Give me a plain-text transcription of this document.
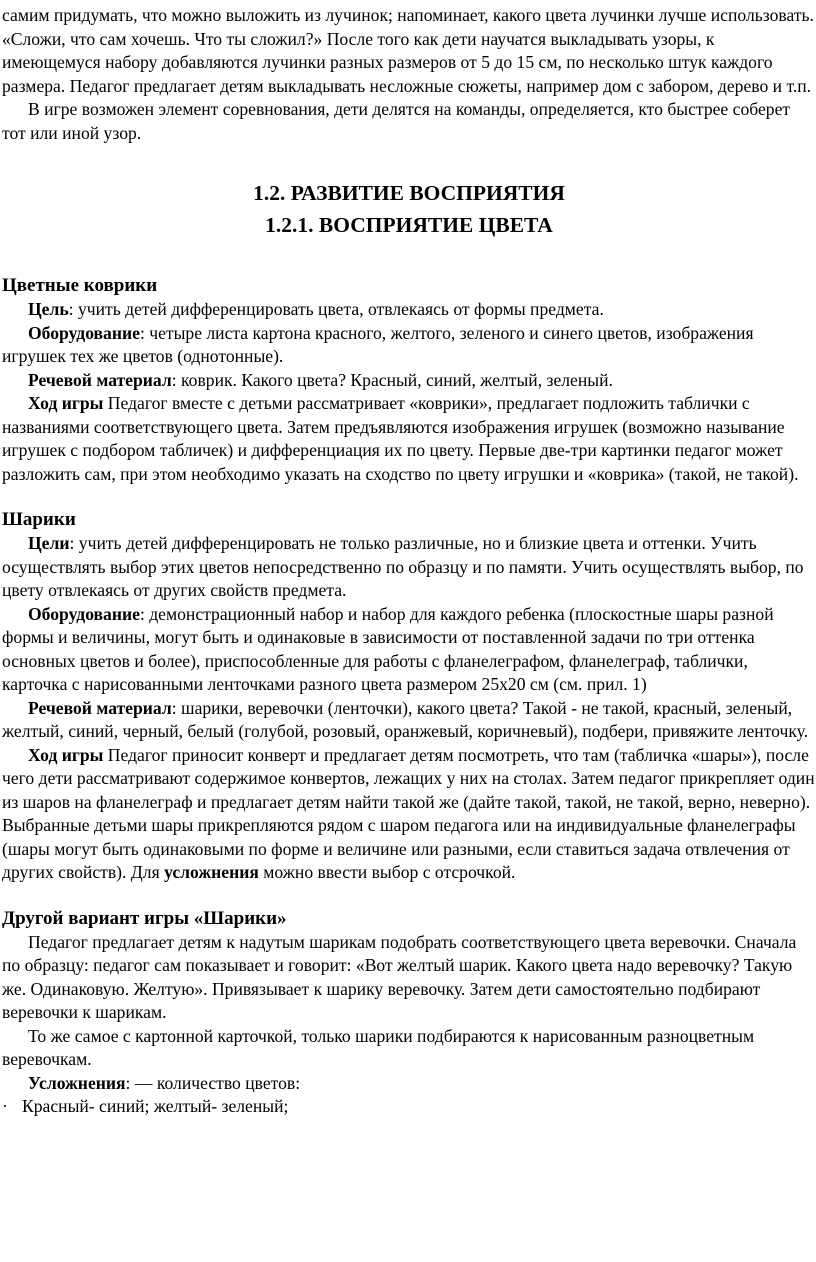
самим придумать, что можно выложить из лучинок; напоминает, какого цвета лучинки лучше использовать. «Сложи, что сам хочешь. Что ты сложил?» После того как дети научатся выкладывать узоры, к имеющемуся набору добавляются лучинки разных размеров от 5 до 15 см, по несколько штук каждого размера. Педагог предлагает детям выкладывать несложные сюжеты, например дом с забором, дерево и т.п.

В игре возможен элемент соревнования, дети делятся на команды, определяется, кто быстрее соберет тот или иной узор.

1.2. РАЗВИТИЕ ВОСПРИЯТИЯ
1.2.1. ВОСПРИЯТИЕ ЦВЕТА
Цветные коврики

Цель: учить детей дифференцировать цвета, отвлекаясь от формы предмета.

Оборудование: четыре листа картона красного, желтого, зеленого и синего цветов, изображения игрушек тех же цветов (однотонные).

Речевой материал: коврик. Какого цвета? Красный, синий, желтый, зеленый.

Ход игры Педагог вместе с детьми рассматривает «коврики», предлагает подложить таблички с названиями соответствующего цвета. Затем предъявляются изображения игрушек (возможно называние игрушек с подбором табличек) и дифференциация их по цвету. Первые две-три картинки педагог может разложить сам, при этом необходимо указать на сходство по цвету игрушки и «коврика» (такой, не такой).

Шарики

Цели: учить детей дифференцировать не только различные, но и близкие цвета и оттенки. Учить осуществлять выбор этих цветов непосредственно по образцу и по памяти. Учить осуществлять выбор, по цвету отвлекаясь от других свойств предмета.

Оборудование: демонстрационный набор и набор для каждого ребенка (плоскостные шары разной формы и величины, могут быть и одинаковые в зависимости от поставленной задачи по три оттенка основных цветов и более), приспособленные для работы с фланелеграфом, фланелеграф, таблички, карточка с нарисованными ленточками разного цвета размером 25х20 см (см. прил. 1)

Речевой материал: шарики, веревочки (ленточки), какого цвета? Такой - не такой, красный, зеленый, желтый, синий, черный, белый (голубой, розовый, оранжевый, коричневый), подбери, привяжите ленточку.

Ход игры Педагог приносит конверт и предлагает детям посмотреть, что там (табличка «шары»), после чего дети рассматривают содержимое конвертов, лежащих у них на столах. Затем педагог прикрепляет один из шаров на фланелеграф и предлагает детям найти такой же (дайте такой, такой, не такой, верно, неверно). Выбранные детьми шары прикрепляются рядом с шаром педагога или на индивидуальные фланелеграфы (шары могут быть одинаковыми по форме и величине или разными, если ставиться задача отвлечения от других свойств). Для усложнения можно ввести выбор с отсрочкой.

Другой вариант игры «Шарики»

Педагог предлагает детям к надутым шарикам подобрать соответствующего цвета веревочки. Сначала по образцу: педагог сам показывает и говорит: «Вот желтый шарик. Какого цвета надо веревочку? Такую же. Одинаковую. Желтую». Привязывает к шарику веревочку. Затем дети самостоятельно подбирают веревочки к шарикам.

То же самое с картонной карточкой, только шарики подбираются к нарисованным разноцветным веревочкам.

Усложнения: — количество цветов:

· Красный- синий; желтый- зеленый;
